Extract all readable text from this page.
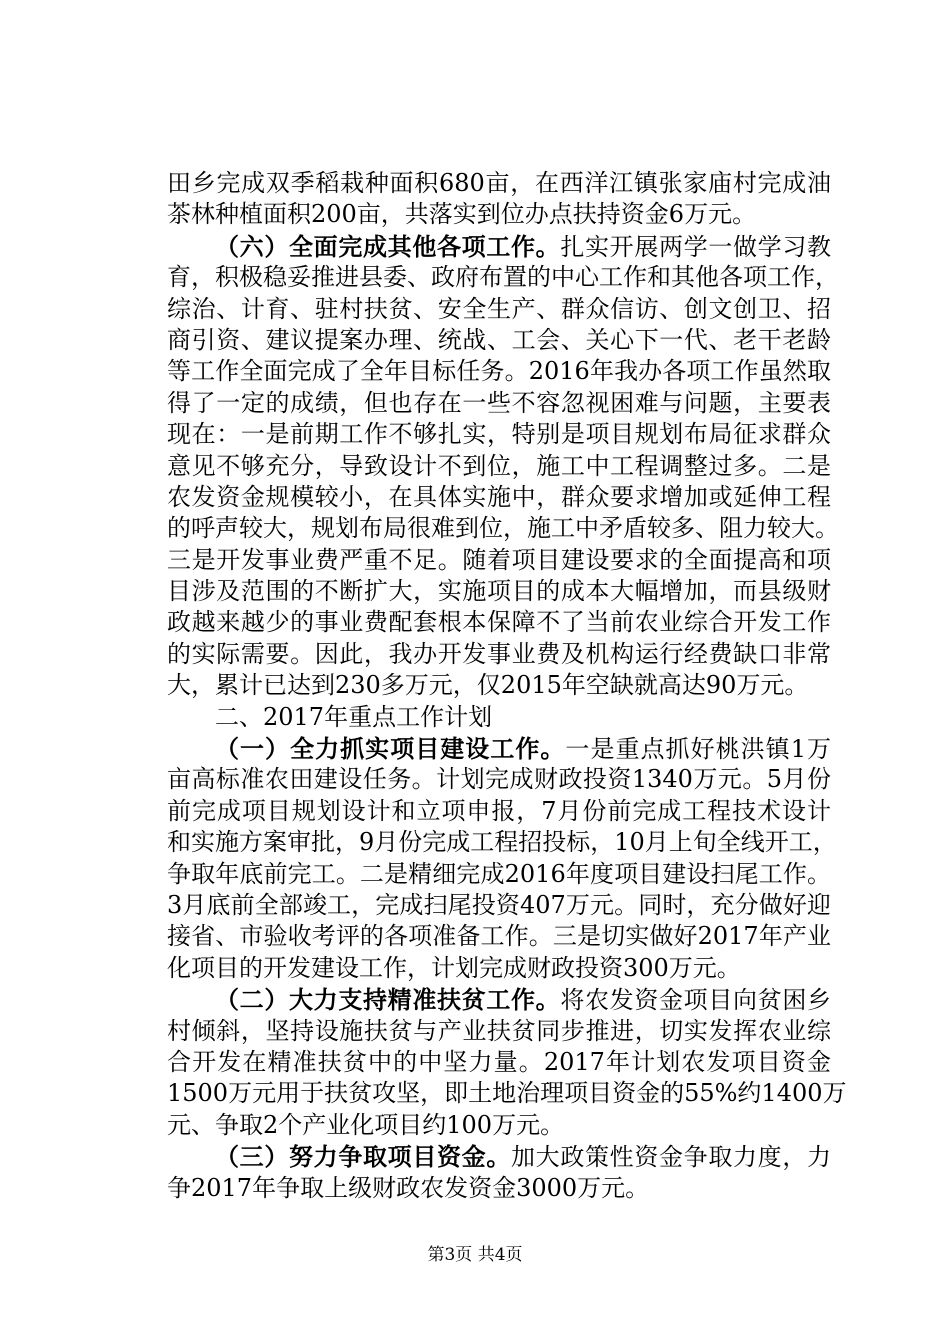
田乡完成双季稻栽种面积680亩，在西洋江镇张家庙村完成油
茶林种植面积200亩，共落实到位办点扶持资金6万元。
（六）全面完成其他各项工作。扎实开展两学一做学习教
育，积极稳妥推进县委、政府布置的中心工作和其他各项工作，
综治、计育、驻村扶贫、安全生产、群众信访、创文创卫、招
商引资、建议提案办理、统战、工会、关心下一代、老干老龄
等工作全面完成了全年目标任务。2016年我办各项工作虽然取
得了一定的成绩，但也存在一些不容忽视困难与问题，主要表
现在：一是前期工作不够扎实，特别是项目规划布局征求群众
意见不够充分，导致设计不到位，施工中工程调整过多。二是
农发资金规模较小，在具体实施中，群众要求增加或延伸工程
的呼声较大，规划布局很难到位，施工中矛盾较多、阻力较大。
三是开发事业费严重不足。随着项目建设要求的全面提高和项
目涉及范围的不断扩大，实施项目的成本大幅增加，而县级财
政越来越少的事业费配套根本保障不了当前农业综合开发工作
的实际需要。因此，我办开发事业费及机构运行经费缺口非常
大，累计已达到230多万元，仅2015年空缺就高达90万元。
二、2017年重点工作计划
（一）全力抓实项目建设工作。一是重点抓好桃洪镇1万
亩高标准农田建设任务。计划完成财政投资1340万元。5月份
前完成项目规划设计和立项申报，7月份前完成工程技术设计
和实施方案审批，9月份完成工程招投标，10月上旬全线开工，
争取年底前完工。二是精细完成2016年度项目建设扫尾工作。
3月底前全部竣工，完成扫尾投资407万元。同时，充分做好迎
接省、市验收考评的各项准备工作。三是切实做好2017年产业
化项目的开发建设工作，计划完成财政投资300万元。
（二）大力支持精准扶贫工作。将农发资金项目向贫困乡
村倾斜，坚持设施扶贫与产业扶贫同步推进，切实发挥农业综
合开发在精准扶贫中的中坚力量。2017年计划农发项目资金
1500万元用于扶贫攻坚，即土地治理项目资金的55%约1400万
元、争取2个产业化项目约100万元。
（三）努力争取项目资金。加大政策性资金争取力度，力
争2017年争取上级财政农发资金3000万元。
第3页 共4页
